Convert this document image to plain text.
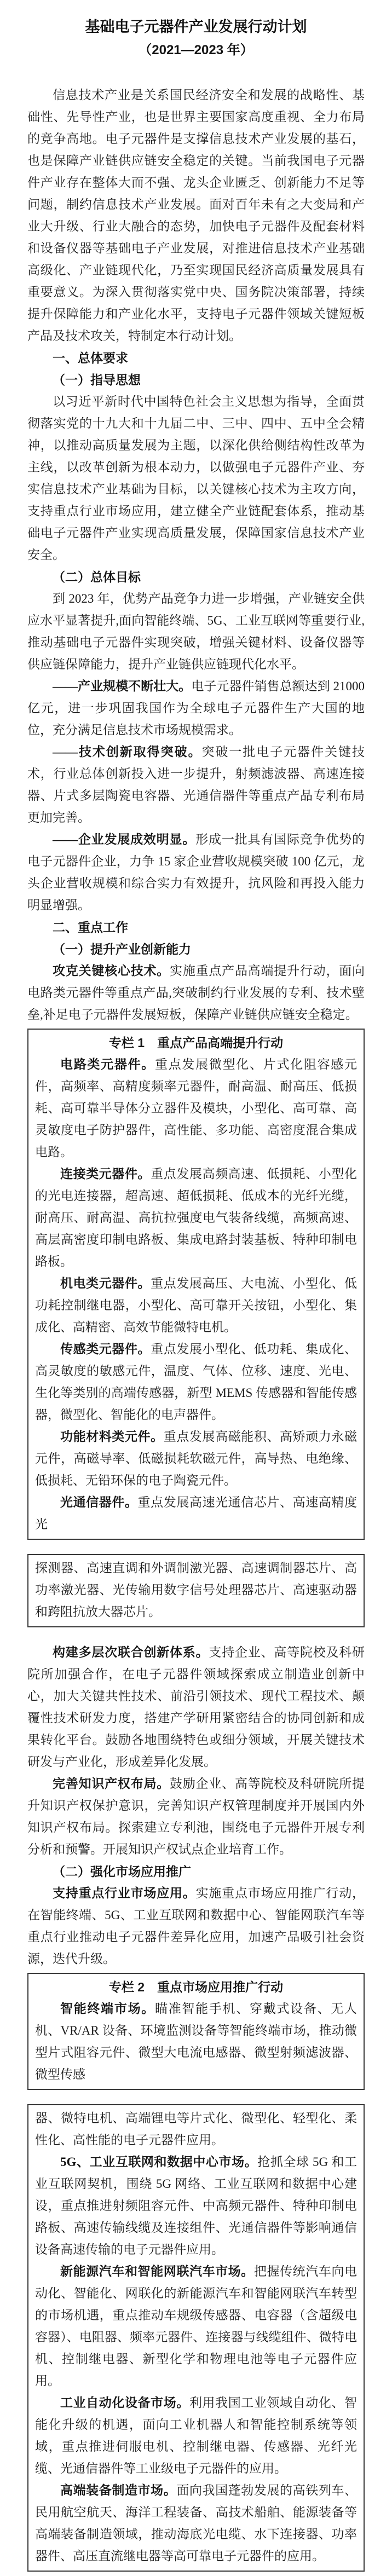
基础电子元器件产业发展行动计划
（2021—2023 年）

信息技术产业是关系国民经济安全和发展的战略性、基础性、先导性产业，也是世界主要国家高度重视、全力布局的竞争高地。电子元器件是支撑信息技术产业发展的基石，也是保障产业链供应链安全稳定的关键。当前我国电子元器件产业存在整体大而不强、龙头企业匮乏、创新能力不足等问题，制约信息技术产业发展。面对百年未有之大变局和产业大升级、行业大融合的态势，加快电子元器件及配套材料和设备仪器等基础电子产业发展，对推进信息技术产业基础高级化、产业链现代化，乃至实现国民经济高质量发展具有重要意义。为深入贯彻落实党中央、国务院决策部署，持续提升保障能力和产业化水平，支持电子元器件领域关键短板产品及技术攻关，特制定本行动计划。

一、总体要求

（一）指导思想

以习近平新时代中国特色社会主义思想为指导，全面贯彻落实党的十九大和十九届二中、三中、四中、五中全会精神，以推动高质量发展为主题，以深化供给侧结构性改革为主线，以改革创新为根本动力，以做强电子元器件产业、夯实信息技术产业基础为目标，以关键核心技术为主攻方向，支持重点行业市场应用，建立健全产业链配套体系，推动基础电子元器件产业实现高质量发展，保障国家信息技术产业安全。

（二）总体目标

到 2023 年，优势产品竞争力进一步增强，产业链安全供应水平显著提升,面向智能终端、5G、工业互联网等重要行业,推动基础电子元器件实现突破，增强关键材料、设备仪器等供应链保障能力，提升产业链供应链现代化水平。

——产业规模不断壮大。电子元器件销售总额达到 21000 亿元，进一步巩固我国作为全球电子元器件生产大国的地位，充分满足信息技术市场规模需求。

——技术创新取得突破。突破一批电子元器件关键技术，行业总体创新投入进一步提升，射频滤波器、高速连接器、片式多层陶瓷电容器、光通信器件等重点产品专利布局更加完善。

——企业发展成效明显。形成一批具有国际竞争优势的电子元器件企业，力争 15 家企业营收规模突破 100 亿元，龙头企业营收规模和综合实力有效提升，抗风险和再投入能力明显增强。

二、重点工作

（一）提升产业创新能力

攻克关键核心技术。实施重点产品高端提升行动，面向电路类元器件等重点产品,突破制约行业发展的专利、技术壁垒,补足电子元器件发展短板，保障产业链供应链安全稳定。

专栏 1　重点产品高端提升行动

电路类元器件。重点发展微型化、片式化阻容感元件，高频率、高精度频率元器件，耐高温、耐高压、低损耗、高可靠半导体分立器件及模块，小型化、高可靠、高灵敏度电子防护器件，高性能、多功能、高密度混合集成电路。

连接类元器件。重点发展高频高速、低损耗、小型化的光电连接器，超高速、超低损耗、低成本的光纤光缆，耐高压、耐高温、高抗拉强度电气装备线缆，高频高速、高层高密度印制电路板、集成电路封装基板、特种印制电路板。

机电类元器件。重点发展高压、大电流、小型化、低功耗控制继电器，小型化、高可靠开关按钮，小型化、集成化、高精密、高效节能微特电机。

传感类元器件。重点发展小型化、低功耗、集成化、高灵敏度的敏感元件，温度、气体、位移、速度、光电、生化等类别的高端传感器，新型 MEMS 传感器和智能传感器，微型化、智能化的电声器件。

功能材料类元件。重点发展高磁能积、高矫顽力永磁元件，高磁导率、低磁损耗软磁元件，高导热、电绝缘、低损耗、无铅环保的电子陶瓷元件。

光通信器件。重点发展高速光通信芯片、高速高精度光

探测器、高速直调和外调制激光器、高速调制器芯片、高功率激光器、光传输用数字信号处理器芯片、高速驱动器和跨阻抗放大器芯片。

构建多层次联合创新体系。支持企业、高等院校及科研院所加强合作，在电子元器件领域探索成立制造业创新中心，加大关键共性技术、前沿引领技术、现代工程技术、颠覆性技术研发力度，搭建产学研用紧密结合的协同创新和成果转化平台。鼓励各地围绕特色或细分领域，开展关键技术研发与产业化，形成差异化发展。

完善知识产权布局。鼓励企业、高等院校及科研院所提升知识产权保护意识，完善知识产权管理制度并开展国内外知识产权布局。探索建立专利池，围绕电子元器件开展专利分析和预警。开展知识产权试点企业培育工作。

（二）强化市场应用推广

支持重点行业市场应用。实施重点市场应用推广行动，在智能终端、5G、工业互联网和数据中心、智能网联汽车等重点行业推动电子元器件差异化应用，加速产品吸引社会资源，迭代升级。

专栏 2　重点市场应用推广行动

智能终端市场。瞄准智能手机、穿戴式设备、无人机、VR/AR 设备、环境监测设备等智能终端市场，推动微型片式阻容元件、微型大电流电感器、微型射频滤波器、微型传感

器、微特电机、高端锂电等片式化、微型化、轻型化、柔性化、高性能的电子元器件应用。

5G、工业互联网和数据中心市场。抢抓全球 5G 和工业互联网契机，围绕 5G 网络、工业互联网和数据中心建设，重点推进射频阻容元件、中高频元器件、特种印制电路板、高速传输线缆及连接组件、光通信器件等影响通信设备高速传输的电子元器件应用。

新能源汽车和智能网联汽车市场。把握传统汽车向电动化、智能化、网联化的新能源汽车和智能网联汽车转型的市场机遇，重点推动车规级传感器、电容器（含超级电容器）、电阻器、频率元器件、连接器与线缆组件、微特电机、控制继电器、新型化学和物理电池等电子元器件应用。

工业自动化设备市场。利用我国工业领域自动化、智能化升级的机遇，面向工业机器人和智能控制系统等领域，重点推进伺服电机、控制继电器、传感器、光纤光缆、光通信器件等工业级电子元器件的应用。

高端装备制造市场。面向我国蓬勃发展的高铁列车、民用航空航天、海洋工程装备、高技术船舶、能源装备等高端装备制造领域，推动海底光电缆、水下连接器、功率器件、高压直流继电器等高可靠电子元器件的应用。
